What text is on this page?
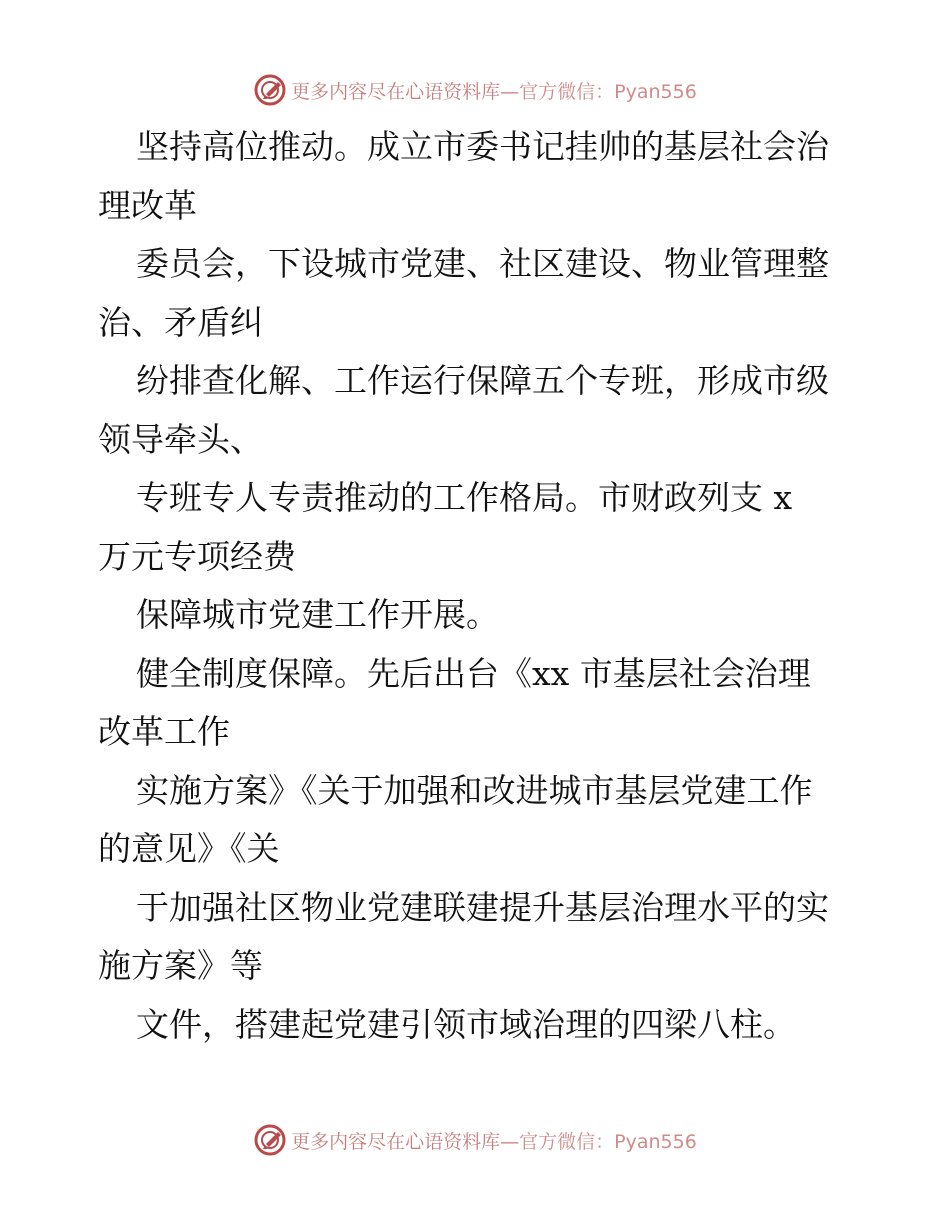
更多内容尽在心语资料库—官方微信：Pyan556

坚持高位推动。成立市委书记挂帅的基层社会治

理改革

委员会，下设城市党建、社区建设、物业管理整

治、矛盾纠

纷排查化解、工作运行保障五个专班，形成市级

领导牵头、

专班专人专责推动的工作格局。市财政列支 x

万元专项经费

保障城市党建工作开展。

健全制度保障。先后出台《xx 市基层社会治理

改革工作

实施方案》《关于加强和改进城市基层党建工作

的意见》《关

于加强社区物业党建联建提升基层治理水平的实

施方案》等

文件，搭建起党建引领市域治理的四梁八柱。

更多内容尽在心语资料库—官方微信：Pyan556
